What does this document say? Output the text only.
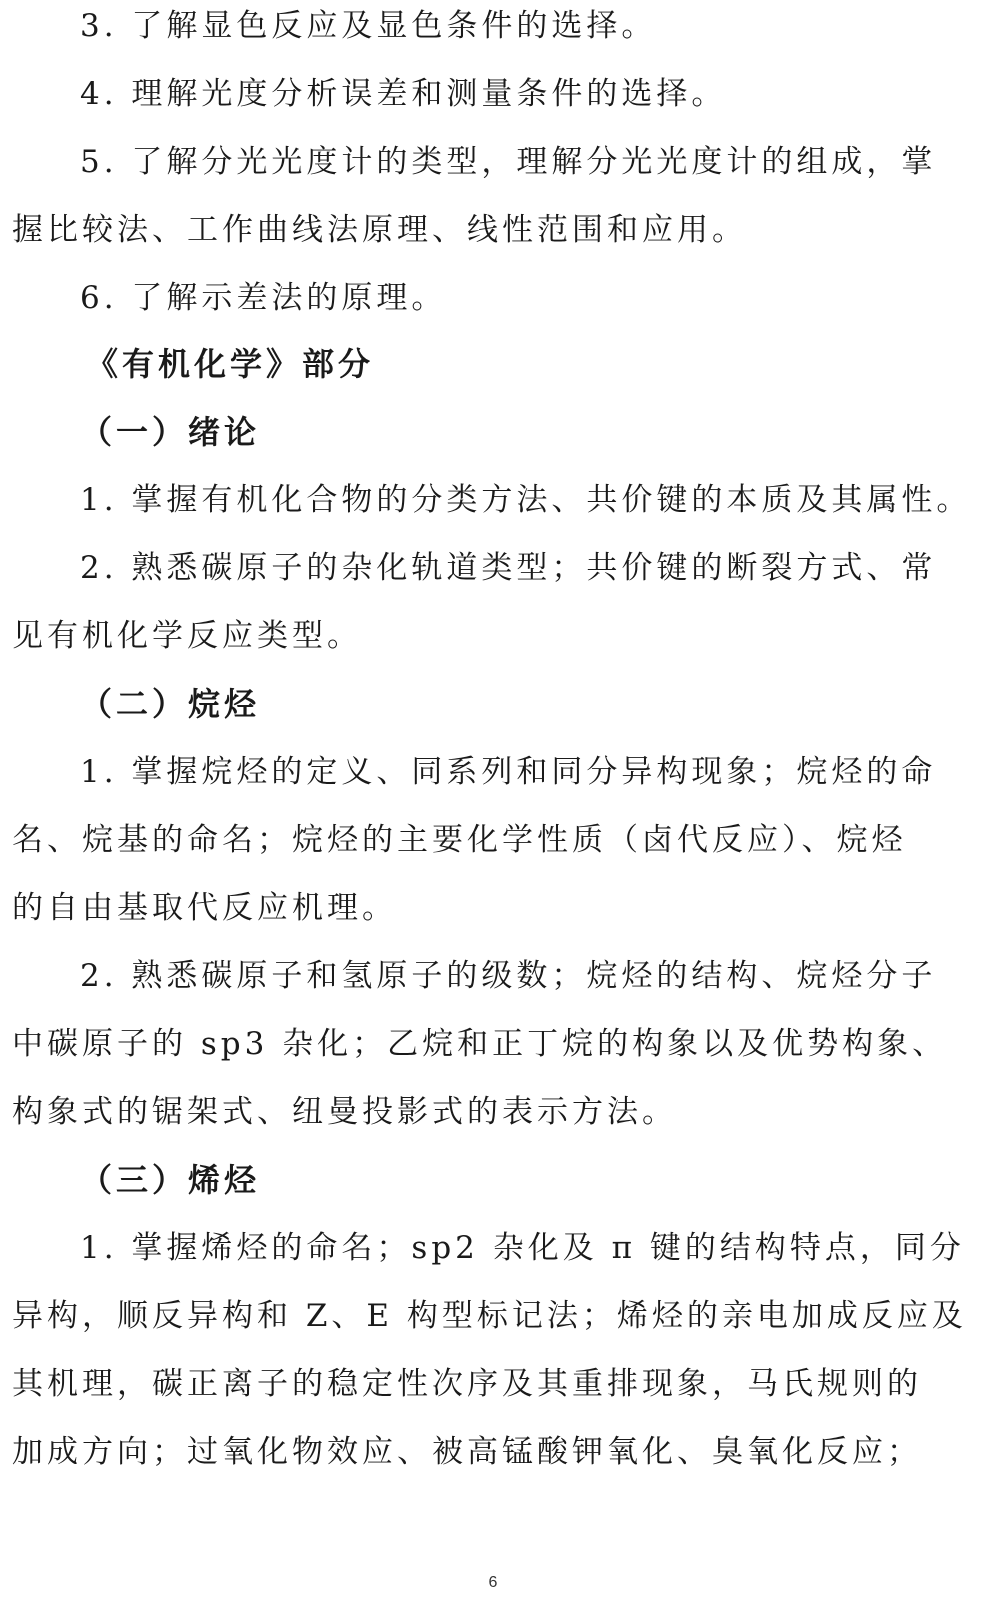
3. 了解显色反应及显色条件的选择。
4. 理解光度分析误差和测量条件的选择。
5. 了解分光光度计的类型，理解分光光度计的组成，掌
握比较法、工作曲线法原理、线性范围和应用。
6. 了解示差法的原理。
《有机化学》部分
（一）绪论
1. 掌握有机化合物的分类方法、共价键的本质及其属性。
2. 熟悉碳原子的杂化轨道类型；共价键的断裂方式、常
见有机化学反应类型。
（二）烷烃
1. 掌握烷烃的定义、同系列和同分异构现象；烷烃的命
名、烷基的命名；烷烃的主要化学性质（卤代反应）、烷烃
的自由基取代反应机理。
2. 熟悉碳原子和氢原子的级数；烷烃的结构、烷烃分子
中碳原子的 sp3 杂化；乙烷和正丁烷的构象以及优势构象、
构象式的锯架式、纽曼投影式的表示方法。
（三）烯烃
1. 掌握烯烃的命名；sp2 杂化及 π 键的结构特点，同分
异构，顺反异构和 Z、E 构型标记法；烯烃的亲电加成反应及
其机理，碳正离子的稳定性次序及其重排现象，马氏规则的
加成方向；过氧化物效应、被高锰酸钾氧化、臭氧化反应；
6
